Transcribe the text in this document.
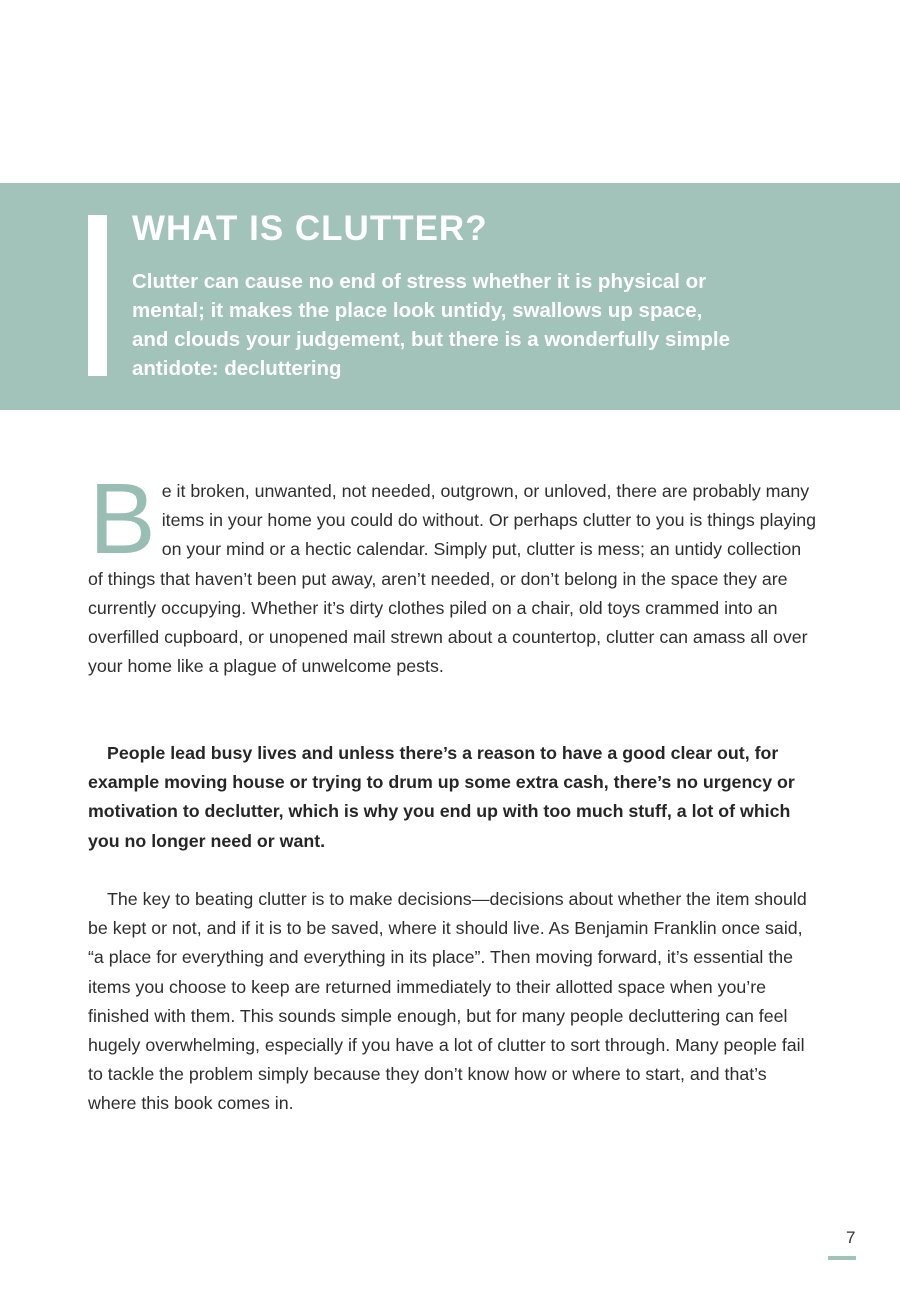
WHAT IS CLUTTER?

Clutter can cause no end of stress whether it is physical or mental; it makes the place look untidy, swallows up space, and clouds your judgement, but there is a wonderfully simple antidote: decluttering

Be it broken, unwanted, not needed, outgrown, or unloved, there are probably many items in your home you could do without. Or perhaps clutter to you is things playing on your mind or a hectic calendar. Simply put, clutter is mess; an untidy collection of things that haven’t been put away, aren’t needed, or don’t belong in the space they are currently occupying. Whether it’s dirty clothes piled on a chair, old toys crammed into an overfilled cupboard, or unopened mail strewn about a countertop, clutter can amass all over your home like a plague of unwelcome pests.

People lead busy lives and unless there’s a reason to have a good clear out, for example moving house or trying to drum up some extra cash, there’s no urgency or motivation to declutter, which is why you end up with too much stuff, a lot of which you no longer need or want.

The key to beating clutter is to make decisions—decisions about whether the item should be kept or not, and if it is to be saved, where it should live. As Benjamin Franklin once said, “a place for everything and everything in its place”. Then moving forward, it’s essential the items you choose to keep are returned immediately to their allotted space when you’re finished with them. This sounds simple enough, but for many people decluttering can feel hugely overwhelming, especially if you have a lot of clutter to sort through. Many people fail to tackle the problem simply because they don’t know how or where to start, and that’s where this book comes in.

7
